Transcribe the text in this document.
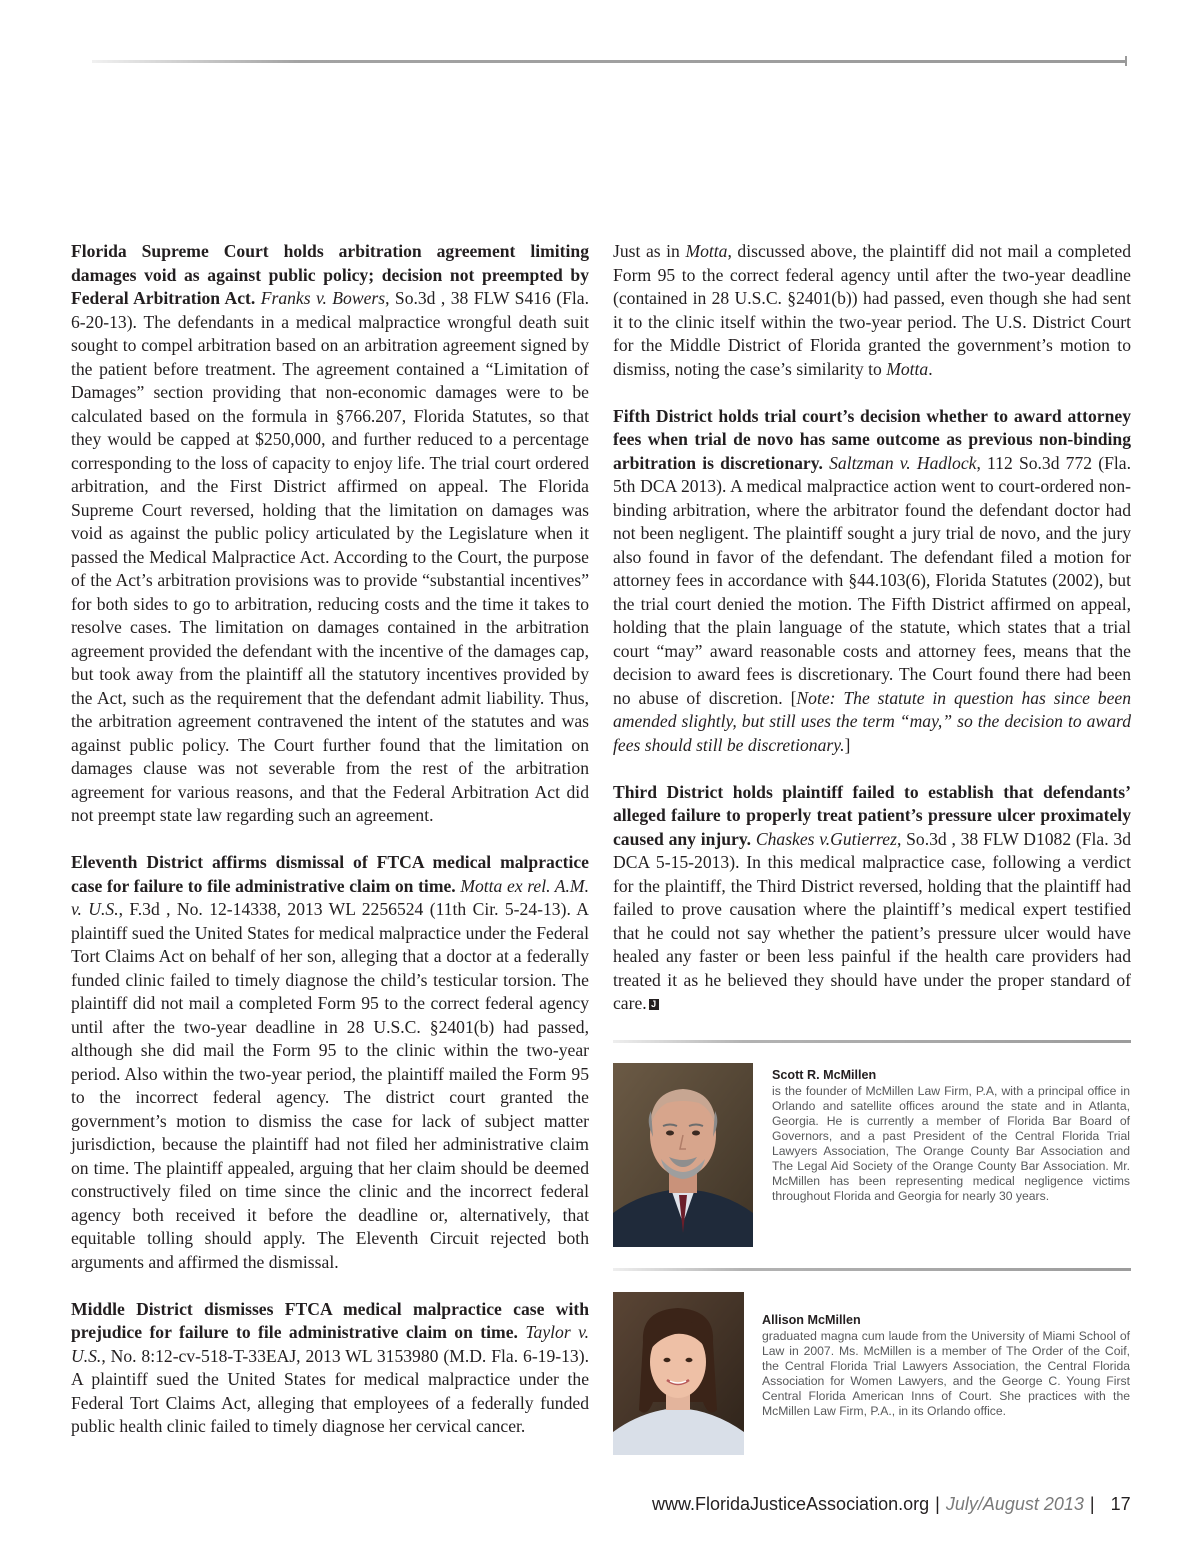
Florida Supreme Court holds arbitration agreement limiting damages void as against public policy; decision not preempted by Federal Arbitration Act. Franks v. Bowers, So.3d , 38 FLW S416 (Fla. 6-20-13). The defendants in a medical malpractice wrongful death suit sought to compel arbitration based on an arbitration agreement signed by the patient before treatment. The agreement contained a “Limitation of Damages” section providing that non-economic damages were to be calculated based on the formula in §766.207, Florida Statutes, so that they would be capped at $250,000, and further reduced to a percentage corresponding to the loss of capacity to enjoy life. The trial court ordered arbitration, and the First District affirmed on appeal. The Florida Supreme Court reversed, holding that the limitation on damages was void as against the public policy articulated by the Legislature when it passed the Medical Malpractice Act. According to the Court, the purpose of the Act’s arbitration provisions was to provide “substantial incentives” for both sides to go to arbitration, reducing costs and the time it takes to resolve cases. The limitation on damages contained in the arbitration agreement provided the defendant with the incentive of the damages cap, but took away from the plaintiff all the statutory incentives provided by the Act, such as the requirement that the defendant admit liability. Thus, the arbitration agreement contravened the intent of the statutes and was against public policy. The Court further found that the limitation on damages clause was not severable from the rest of the arbitration agreement for various reasons, and that the Federal Arbitration Act did not preempt state law regarding such an agreement.

Eleventh District affirms dismissal of FTCA medical malpractice case for failure to file administrative claim on time. Motta ex rel. A.M. v. U.S., F.3d , No. 12-14338, 2013 WL 2256524 (11th Cir. 5-24-13). A plaintiff sued the United States for medical malpractice under the Federal Tort Claims Act on behalf of her son, alleging that a doctor at a federally funded clinic failed to timely diagnose the child’s testicular torsion. The plaintiff did not mail a completed Form 95 to the correct federal agency until after the two-year deadline in 28 U.S.C. §2401(b) had passed, although she did mail the Form 95 to the clinic within the two-year period. Also within the two-year period, the plaintiff mailed the Form 95 to the incorrect federal agency. The district court granted the government’s motion to dismiss the case for lack of subject matter jurisdiction, because the plaintiff had not filed her administrative claim on time. The plaintiff appealed, arguing that her claim should be deemed constructively filed on time since the clinic and the incorrect federal agency both received it before the deadline or, alternatively, that equitable tolling should apply. The Eleventh Circuit rejected both arguments and affirmed the dismissal.

Middle District dismisses FTCA medical malpractice case with prejudice for failure to file administrative claim on time. Taylor v. U.S., No. 8:12-cv-518-T-33EAJ, 2013 WL 3153980 (M.D. Fla. 6-19-13). A plaintiff sued the United States for medical malpractice under the Federal Tort Claims Act, alleging that employees of a federally funded public health clinic failed to timely diagnose her cervical cancer.

Just as in Motta, discussed above, the plaintiff did not mail a completed Form 95 to the correct federal agency until after the two-year deadline (contained in 28 U.S.C. §2401(b)) had passed, even though she had sent it to the clinic itself within the two-year period. The U.S. District Court for the Middle District of Florida granted the government’s motion to dismiss, noting the case’s similarity to Motta.

Fifth District holds trial court’s decision whether to award attorney fees when trial de novo has same outcome as previous non-binding arbitration is discretionary. Saltzman v. Hadlock, 112 So.3d 772 (Fla. 5th DCA 2013). A medical malpractice action went to court-ordered non-binding arbitration, where the arbitrator found the defendant doctor had not been negligent. The plaintiff sought a jury trial de novo, and the jury also found in favor of the defendant. The defendant filed a motion for attorney fees in accordance with §44.103(6), Florida Statutes (2002), but the trial court denied the motion. The Fifth District affirmed on appeal, holding that the plain language of the statute, which states that a trial court “may” award reasonable costs and attorney fees, means that the decision to award fees is discretionary. The Court found there had been no abuse of discretion. [Note: The statute in question has since been amended slightly, but still uses the term “may,” so the decision to award fees should still be discretionary.]

Third District holds plaintiff failed to establish that defendants’ alleged failure to properly treat patient’s pressure ulcer proximately caused any injury. Chaskes v.Gutierrez, So.3d , 38 FLW D1082 (Fla. 3d DCA 5-15-2013). In this medical malpractice case, following a verdict for the plaintiff, the Third District reversed, holding that the plaintiff had failed to prove causation where the plaintiff’s medical expert testified that he could not say whether the patient’s pressure ulcer would have healed any faster or been less painful if the health care providers had treated it as he believed they should have under the proper standard of care. J

Scott R. McMillen
is the founder of McMillen Law Firm, P.A, with a principal office in Orlando and satellite offices around the state and in Atlanta, Georgia. He is currently a member of Florida Bar Board of Governors, and a past President of the Central Florida Trial Lawyers Association, The Orange County Bar Association and The Legal Aid Society of the Orange County Bar Association. Mr. McMillen has been representing medical negligence victims throughout Florida and Georgia for nearly 30 years.
Allison McMillen
graduated magna cum laude from the University of Miami School of Law in 2007. Ms. McMillen is a member of The Order of the Coif, the Central Florida Trial Lawyers Association, the Central Florida Association for Women Lawyers, and the George C. Young First Central Florida American Inns of Court. She practices with the McMillen Law Firm, P.A., in its Orlando office.
www.FloridaJusticeAssociation.org | July/August 2013 | 17
